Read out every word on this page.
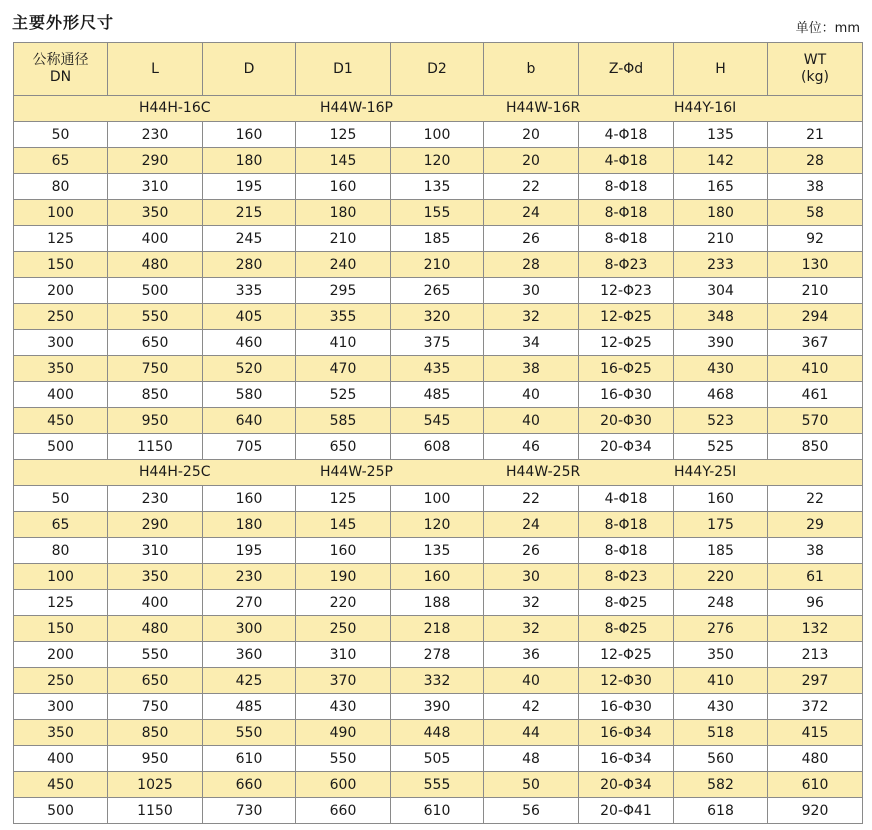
主要外形尺寸	单位：mm
公称通径
DN	L	D	D1	D2	b	Z-Φd	H	WT
(kg)

H44H-16C H44W-16P H44W-16R H44Y-16I								

50	230	160	125	100	20	4-Φ18	135	21
65	290	180	145	120	20	4-Φ18	142	28
80	310	195	160	135	22	8-Φ18	165	38
100	350	215	180	155	24	8-Φ18	180	58
125	400	245	210	185	26	8-Φ18	210	92
150	480	280	240	210	28	8-Φ23	233	130
200	500	335	295	265	30	12-Φ23	304	210
250	550	405	355	320	32	12-Φ25	348	294
300	650	460	410	375	34	12-Φ25	390	367
350	750	520	470	435	38	16-Φ25	430	410
400	850	580	525	485	40	16-Φ30	468	461
450	950	640	585	545	40	20-Φ30	523	570
500	1150	705	650	608	46	20-Φ34	525	850

H44H-25C H44W-25P H44W-25R H44Y-25I								

50	230	160	125	100	22	4-Φ18	160	22
65	290	180	145	120	24	8-Φ18	175	29
80	310	195	160	135	26	8-Φ18	185	38
100	350	230	190	160	30	8-Φ23	220	61
125	400	270	220	188	32	8-Φ25	248	96
150	480	300	250	218	32	8-Φ25	276	132
200	550	360	310	278	36	12-Φ25	350	213
250	650	425	370	332	40	12-Φ30	410	297
300	750	485	430	390	42	16-Φ30	430	372
350	850	550	490	448	44	16-Φ34	518	415
400	950	610	550	505	48	16-Φ34	560	480
450	1025	660	600	555	50	20-Φ34	582	610
500	1150	730	660	610	56	20-Φ41	618	920
